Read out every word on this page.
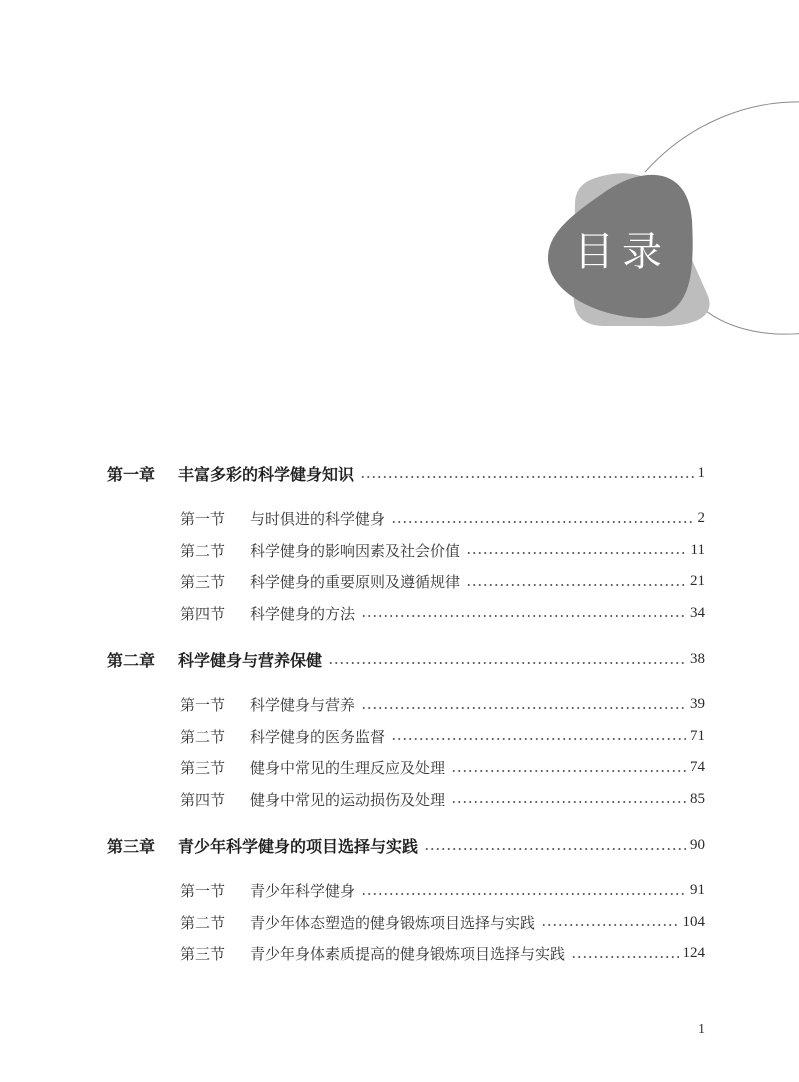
目录
第一章	丰富多彩的科学健身知识	1
第一节	与时俱进的科学健身	2
第二节	科学健身的影响因素及社会价值	11
第三节	科学健身的重要原则及遵循规律	21
第四节	科学健身的方法	34
第二章	科学健身与营养保健	38
第一节	科学健身与营养	39
第二节	科学健身的医务监督	71
第三节	健身中常见的生理反应及处理	74
第四节	健身中常见的运动损伤及处理	85
第三章	青少年科学健身的项目选择与实践	90
第一节	青少年科学健身	91
第二节	青少年体态塑造的健身锻炼项目选择与实践	104
第三节	青少年身体素质提高的健身锻炼项目选择与实践	124
1
